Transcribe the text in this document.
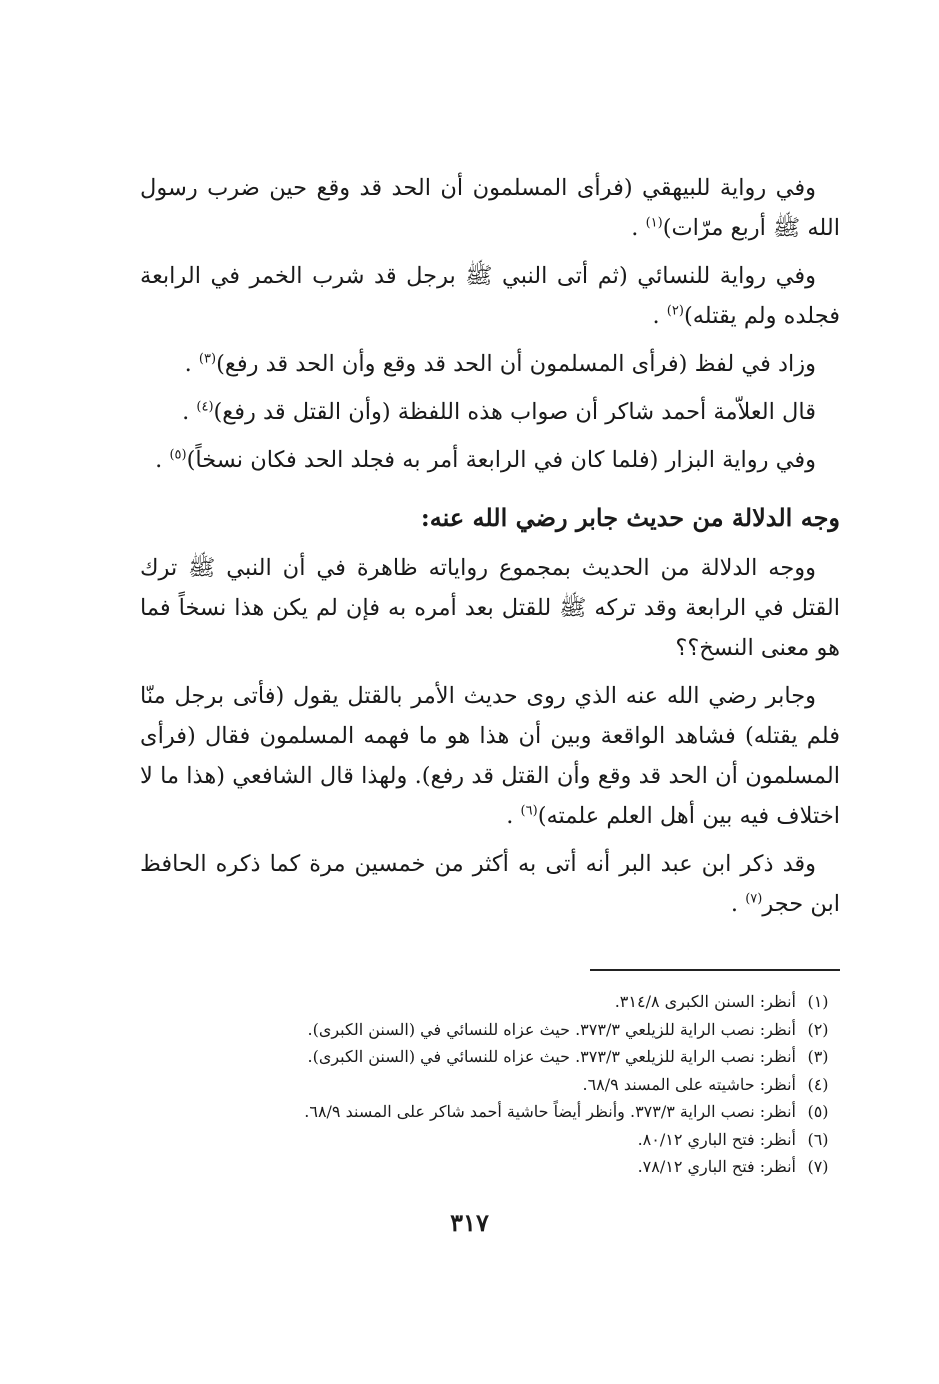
وفي رواية للبيهقي (فرأى المسلمون أن الحد قد وقع حين ضرب رسول الله ﷺ أربع مرّات)$^{(١)}$ .

وفي رواية للنسائي (ثم أتى النبي ﷺ برجل قد شرب الخمر في الرابعة فجلده ولم يقتله)$^{(٢)}$ .

وزاد في لفظ (فرأى المسلمون أن الحد قد وقع وأن الحد قد رفع)$^{(٣)}$ .

قال العلاّمة أحمد شاكر أن صواب هذه اللفظة (وأن القتل قد رفع)$^{(٤)}$ .

وفي رواية البزار (فلما كان في الرابعة أمر به فجلد الحد فكان نسخاً)$^{(٥)}$ .

وجه الدلالة من حديث جابر رضي الله عنه:

ووجه الدلالة من الحديث بمجموع رواياته ظاهرة في أن النبي ﷺ ترك القتل في الرابعة وقد تركه ﷺ للقتل بعد أمره به فإن لم يكن هذا نسخاً فما هو معنى النسخ؟؟

وجابر رضي الله عنه الذي روى حديث الأمر بالقتل يقول (فأتى برجل منّا فلم يقتله) فشاهد الواقعة وبين أن هذا هو ما فهمه المسلمون فقال (فرأى المسلمون أن الحد قد وقع وأن القتل قد رفع). ولهذا قال الشافعي (هذا ما لا اختلاف فيه بين أهل العلم علمته)$^{(٦)}$ .

وقد ذكر ابن عبد البر أنه أتى به أكثر من خمسين مرة كما ذكره الحافظ ابن حجر$^{(٧)}$ .

(١)أنظر: السنن الكبرى ٣١٤/٨.
(٢)أنظر: نصب الراية للزيلعي ٣٧٣/٣. حيث عزاه للنسائي في (السنن الكبرى).
(٣)أنظر: نصب الراية للزيلعي ٣٧٣/٣. حيث عزاه للنسائي في (السنن الكبرى).
(٤)أنظر: حاشيته على المسند ٦٨/٩.
(٥)أنظر: نصب الراية ٣٧٣/٣. وأنظر أيضاً حاشية أحمد شاكر على المسند ٦٨/٩.
(٦)أنظر: فتح الباري ٨٠/١٢.
(٧)أنظر: فتح الباري ٧٨/١٢.
٣١٧
